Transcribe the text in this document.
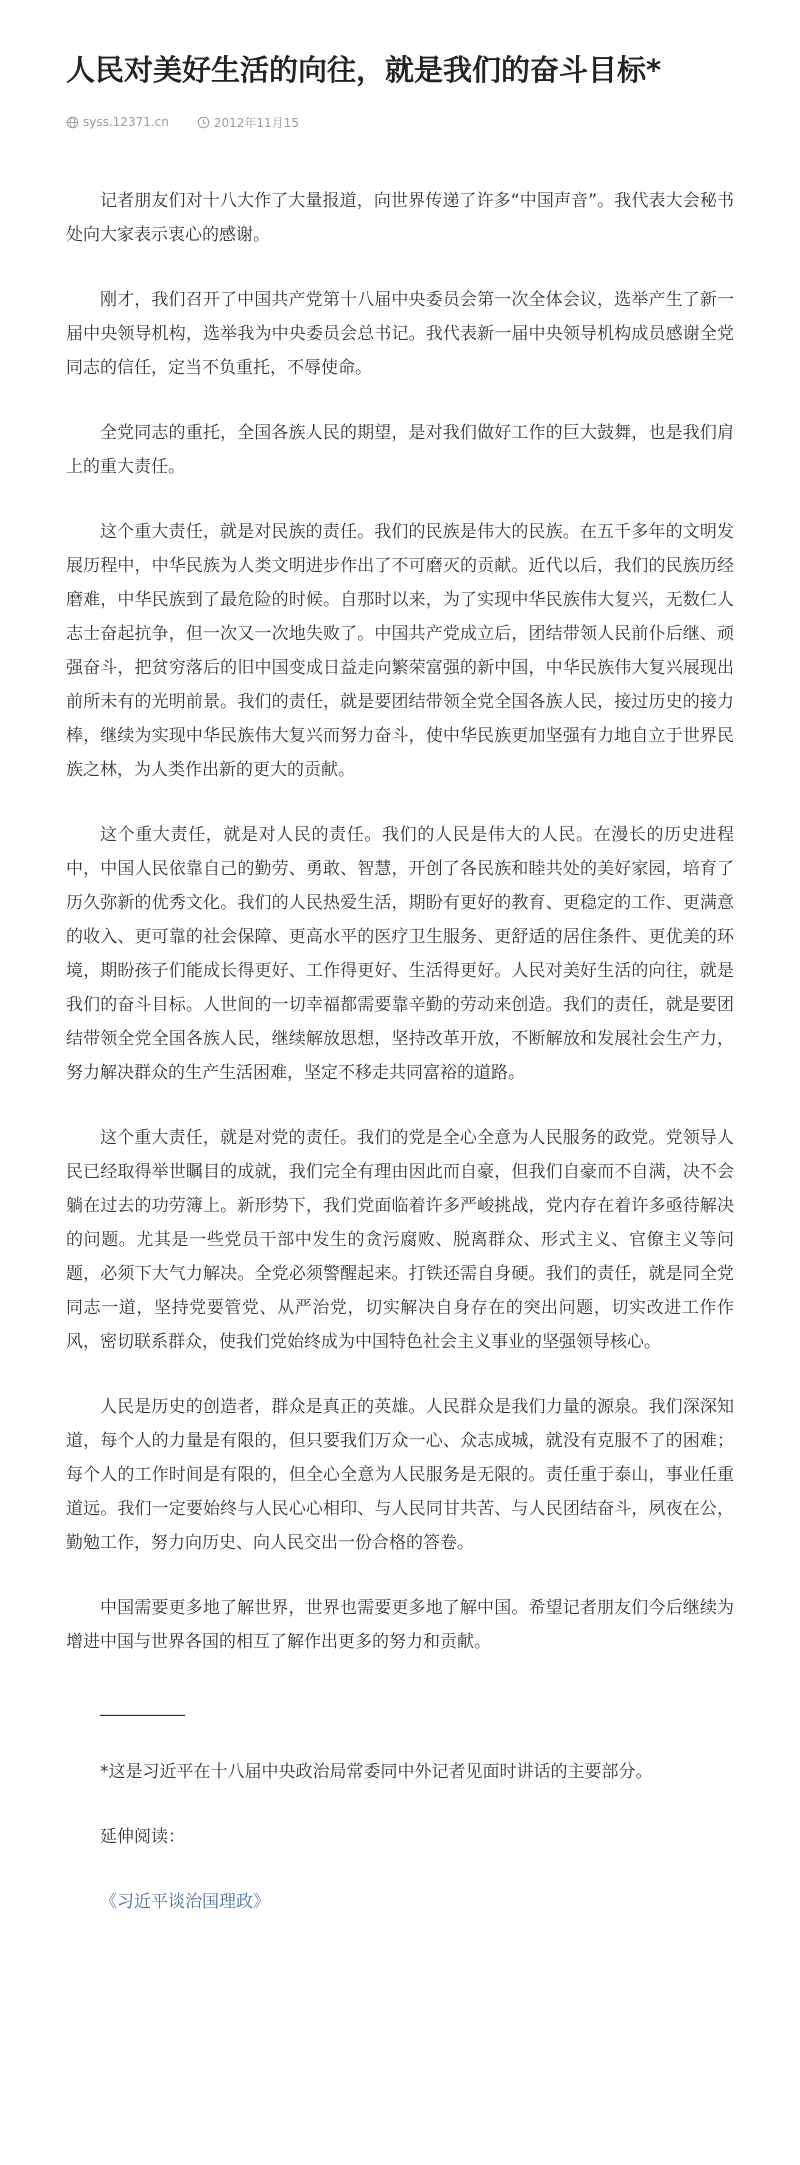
人民对美好生活的向往，就是我们的奋斗目标*
syss.12371.cn	2012年11月15

记者朋友们对十八大作了大量报道，向世界传递了许多“中国声音”。我代表大会秘书处向大家表示衷心的感谢。

刚才，我们召开了中国共产党第十八届中央委员会第一次全体会议，选举产生了新一届中央领导机构，选举我为中央委员会总书记。我代表新一届中央领导机构成员感谢全党同志的信任，定当不负重托，不辱使命。

全党同志的重托，全国各族人民的期望，是对我们做好工作的巨大鼓舞，也是我们肩上的重大责任。

这个重大责任，就是对民族的责任。我们的民族是伟大的民族。在五千多年的文明发展历程中，中华民族为人类文明进步作出了不可磨灭的贡献。近代以后，我们的民族历经磨难，中华民族到了最危险的时候。自那时以来，为了实现中华民族伟大复兴，无数仁人志士奋起抗争，但一次又一次地失败了。中国共产党成立后，团结带领人民前仆后继、顽强奋斗，把贫穷落后的旧中国变成日益走向繁荣富强的新中国，中华民族伟大复兴展现出前所未有的光明前景。我们的责任，就是要团结带领全党全国各族人民，接过历史的接力棒，继续为实现中华民族伟大复兴而努力奋斗，使中华民族更加坚强有力地自立于世界民族之林，为人类作出新的更大的贡献。

这个重大责任，就是对人民的责任。我们的人民是伟大的人民。在漫长的历史进程中，中国人民依靠自己的勤劳、勇敢、智慧，开创了各民族和睦共处的美好家园，培育了历久弥新的优秀文化。我们的人民热爱生活，期盼有更好的教育、更稳定的工作、更满意的收入、更可靠的社会保障、更高水平的医疗卫生服务、更舒适的居住条件、更优美的环境，期盼孩子们能成长得更好、工作得更好、生活得更好。人民对美好生活的向往，就是我们的奋斗目标。人世间的一切幸福都需要靠辛勤的劳动来创造。我们的责任，就是要团结带领全党全国各族人民，继续解放思想，坚持改革开放，不断解放和发展社会生产力，努力解决群众的生产生活困难，坚定不移走共同富裕的道路。

这个重大责任，就是对党的责任。我们的党是全心全意为人民服务的政党。党领导人民已经取得举世瞩目的成就，我们完全有理由因此而自豪，但我们自豪而不自满，决不会躺在过去的功劳簿上。新形势下，我们党面临着许多严峻挑战，党内存在着许多亟待解决的问题。尤其是一些党员干部中发生的贪污腐败、脱离群众、形式主义、官僚主义等问题，必须下大气力解决。全党必须警醒起来。打铁还需自身硬。我们的责任，就是同全党同志一道，坚持党要管党、从严治党，切实解决自身存在的突出问题，切实改进工作作风，密切联系群众，使我们党始终成为中国特色社会主义事业的坚强领导核心。

人民是历史的创造者，群众是真正的英雄。人民群众是我们力量的源泉。我们深深知道，每个人的力量是有限的，但只要我们万众一心、众志成城，就没有克服不了的困难；每个人的工作时间是有限的，但全心全意为人民服务是无限的。责任重于泰山，事业任重道远。我们一定要始终与人民心心相印、与人民同甘共苦、与人民团结奋斗，夙夜在公，勤勉工作，努力向历史、向人民交出一份合格的答卷。

中国需要更多地了解世界，世界也需要更多地了解中国。希望记者朋友们今后继续为增进中国与世界各国的相互了解作出更多的努力和贡献。

__________

*这是习近平在十八届中央政治局常委同中外记者见面时讲话的主要部分。

延伸阅读：

《习近平谈治国理政》
